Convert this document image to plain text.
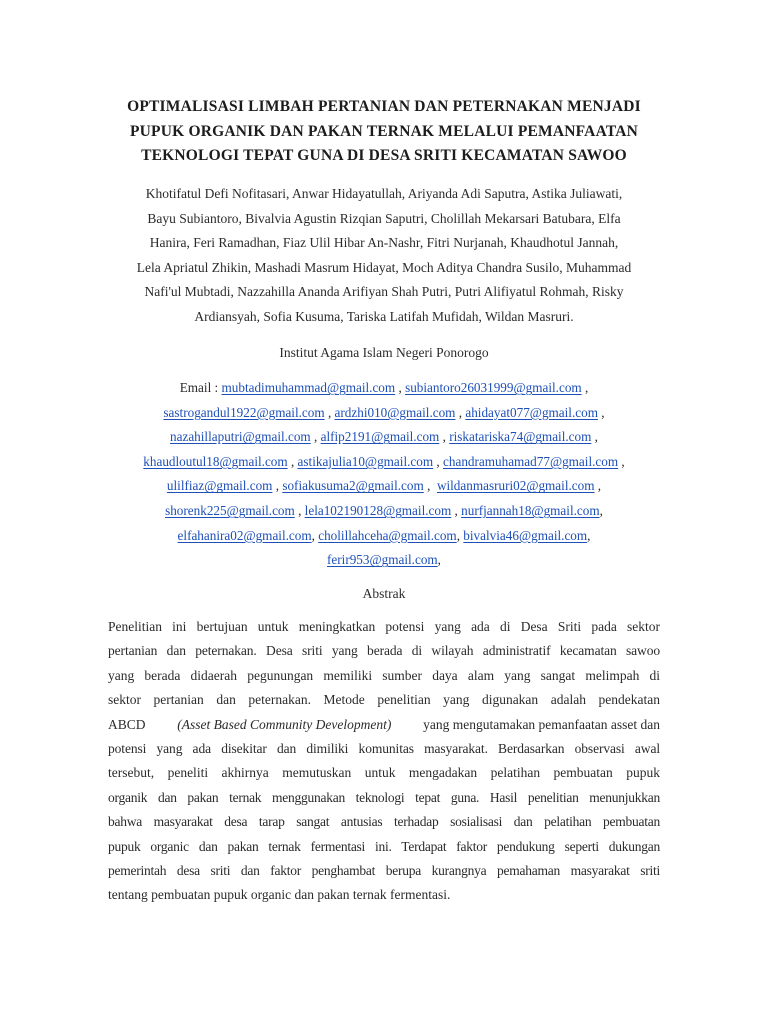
OPTIMALISASI LIMBAH PERTANIAN DAN PETERNAKAN MENJADI
PUPUK ORGANIK DAN PAKAN TERNAK MELALUI PEMANFAATAN
TEKNOLOGI TEPAT GUNA DI DESA SRITI KECAMATAN SAWOO
Khotifatul Defi Nofitasari, Anwar Hidayatullah, Ariyanda Adi Saputra, Astika Juliawati,
Bayu Subiantoro, Bivalvia Agustin Rizqian Saputri, Cholillah Mekarsari Batubara, Elfa
Hanira, Feri Ramadhan, Fiaz Ulil Hibar An-Nashr, Fitri Nurjanah, Khaudhotul Jannah,
Lela Apriatul Zhikin, Mashadi Masrum Hidayat, Moch Aditya Chandra Susilo, Muhammad
Nafi'ul Mubtadi, Nazzahilla Ananda Arifiyan Shah Putri, Putri Alifiyatul Rohmah, Risky
Ardiansyah, Sofia Kusuma, Tariska Latifah Mufidah, Wildan Masruri.
Institut Agama Islam Negeri Ponorogo
Email : mubtadimuhammad@gmail.com , subiantoro26031999@gmail.com ,
sastrogandul1922@gmail.com , ardzhi010@gmail.com , ahidayat077@gmail.com ,
nazahillaputri@gmail.com , alfip2191@gmail.com , riskatariska74@gmail.com ,
khaudloutul18@gmail.com , astikajulia10@gmail.com , chandramuhamad77@gmail.com ,
ulilfiaz@gmail.com , sofiakusuma2@gmail.com ,  wildanmasruri02@gmail.com ,
shorenk225@gmail.com , lela102190128@gmail.com , nurfjannah18@gmail.com,
elfahanira02@gmail.com, cholillahceha@gmail.com, bivalvia46@gmail.com,
ferir953@gmail.com,
Abstrak
Penelitian ini bertujuan untuk meningkatkan potensi yang ada di Desa Sriti pada sektor
pertanian dan peternakan. Desa sriti yang berada di wilayah administratif kecamatan sawoo
yang berada didaerah pegunungan memiliki sumber daya alam yang sangat melimpah di
sektor pertanian dan peternakan. Metode penelitian yang digunakan adalah pendekatan
ABCD (Asset Based Community Development) yang mengutamakan pemanfaatan asset dan
potensi yang ada disekitar dan dimiliki komunitas masyarakat. Berdasarkan observasi awal
tersebut, peneliti akhirnya memutuskan untuk mengadakan pelatihan pembuatan pupuk
organik dan pakan ternak menggunakan teknologi tepat guna. Hasil penelitian menunjukkan
bahwa masyarakat desa tarap sangat antusias terhadap sosialisasi dan pelatihan pembuatan
pupuk organic dan pakan ternak fermentasi ini. Terdapat faktor pendukung seperti dukungan
pemerintah desa sriti dan faktor penghambat berupa kurangnya pemahaman masyarakat sriti
tentang pembuatan pupuk organic dan pakan ternak fermentasi.
